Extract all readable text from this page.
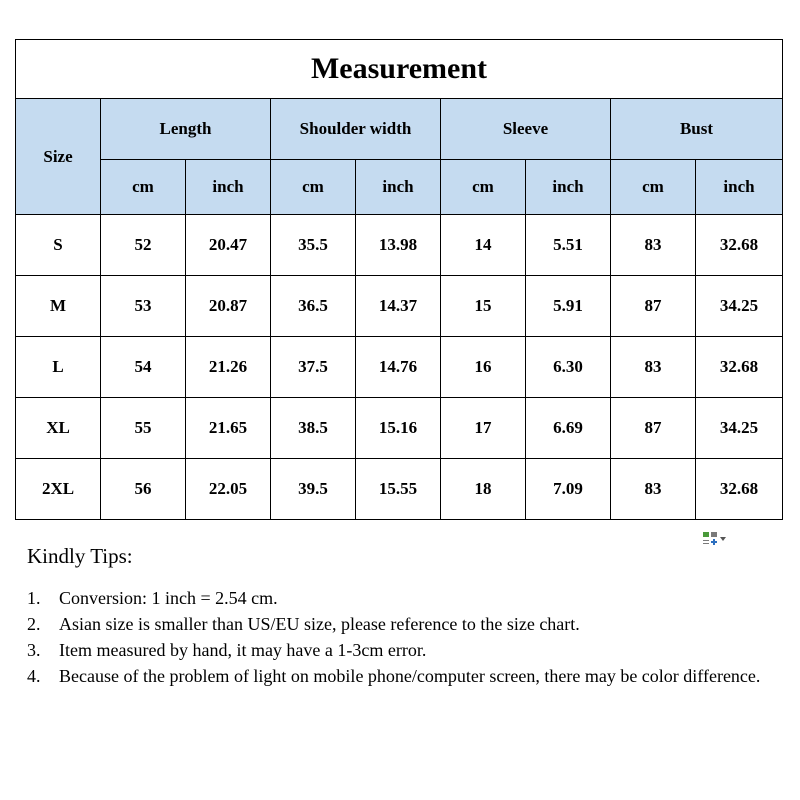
Measurement								
Size	Length		Shoulder width		Sleeve		Bust	
	cm	inch	cm	inch	cm	inch	cm	inch
S	52	20.47	35.5	13.98	14	5.51	83	32.68
M	53	20.87	36.5	14.37	15	5.91	87	34.25
L	54	21.26	37.5	14.76	16	6.30	83	32.68
XL	55	21.65	38.5	15.16	17	6.69	87	34.25
2XL	56	22.05	39.5	15.55	18	7.09	83	32.68
Kindly Tips:
1.	Conversion: 1 inch = 2.54 cm.
2.	Asian size is smaller than US/EU size, please reference to the size chart.
3.	Item measured by hand, it may have a 1-3cm error.
4.	Because of the problem of light on mobile phone/computer screen, there may be color difference.
